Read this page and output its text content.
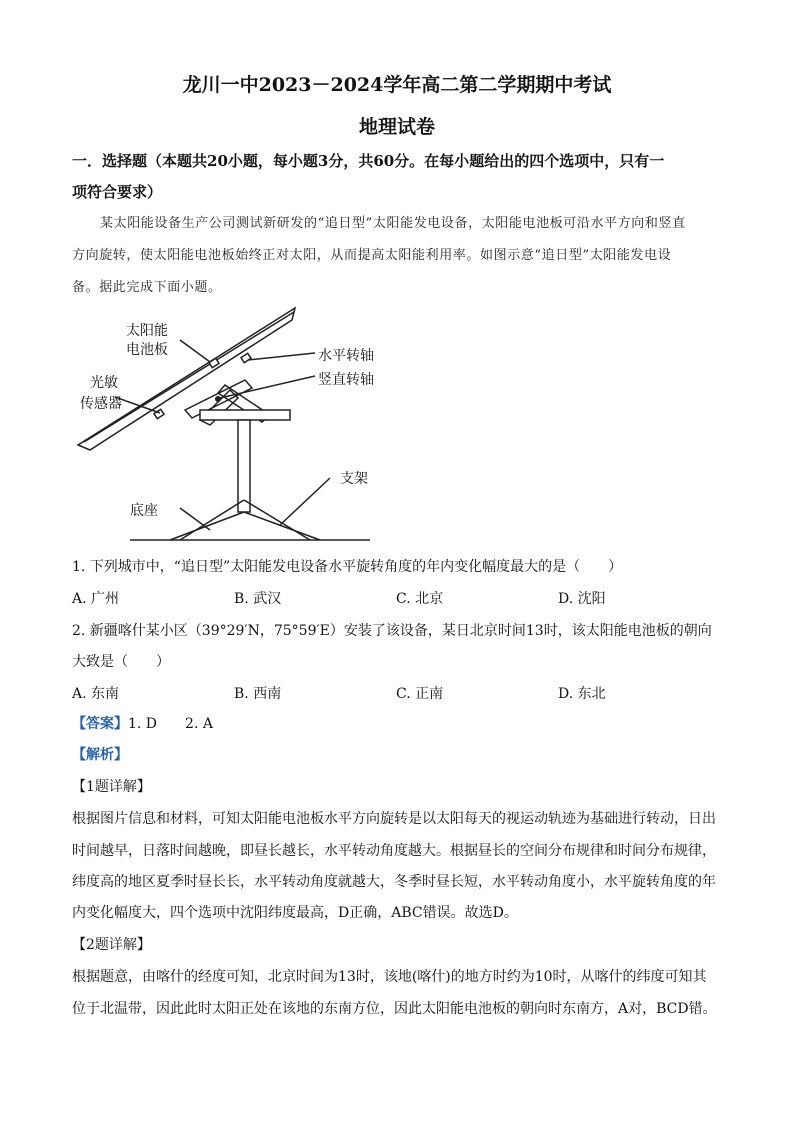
龙川一中2023－2024学年高二第二学期期中考试
地理试卷
一．选择题（本题共20小题，每小题3分，共60分。在每小题给出的四个选项中，只有一
项符合要求）
某太阳能设备生产公司测试新研发的“追日型”太阳能发电设备，太阳能电池板可沿水平方向和竖直
方向旋转，使太阳能电池板始终正对太阳，从而提高太阳能利用率。如图示意“追日型”太阳能发电设
备。据此完成下面小题。
太阳能
电池板	水平转轴
竖直转轴
光敏
传感器
支架
底座
1. 下列城市中，“追日型”太阳能发电设备水平旋转角度的年内变化幅度最大的是（　　）
A. 广州	B. 武汉	C. 北京	D. 沈阳
2. 新疆喀什某小区（39°29′N，75°59′E）安装了该设备，某日北京时间13时，该太阳能电池板的朝向
大致是（　　）
A. 东南	B. 西南	C. 正南	D. 东北
【答案】1. D　　2. A
【解析】
【1题详解】
根据图片信息和材料，可知太阳能电池板水平方向旋转是以太阳每天的视运动轨迹为基础进行转动，日出
时间越早，日落时间越晚，即昼长越长，水平转动角度越大。根据昼长的空间分布规律和时间分布规律，
纬度高的地区夏季时昼长长，水平转动角度就越大，冬季时昼长短，水平转动角度小，水平旋转角度的年
内变化幅度大，四个选项中沈阳纬度最高，D正确，ABC错误。故选D。
【2题详解】
根据题意，由喀什的经度可知，北京时间为13时，该地(喀什)的地方时约为10时，从喀什的纬度可知其
位于北温带，因此此时太阳正处在该地的东南方位，因此太阳能电池板的朝向时东南方，A对，BCD错。
